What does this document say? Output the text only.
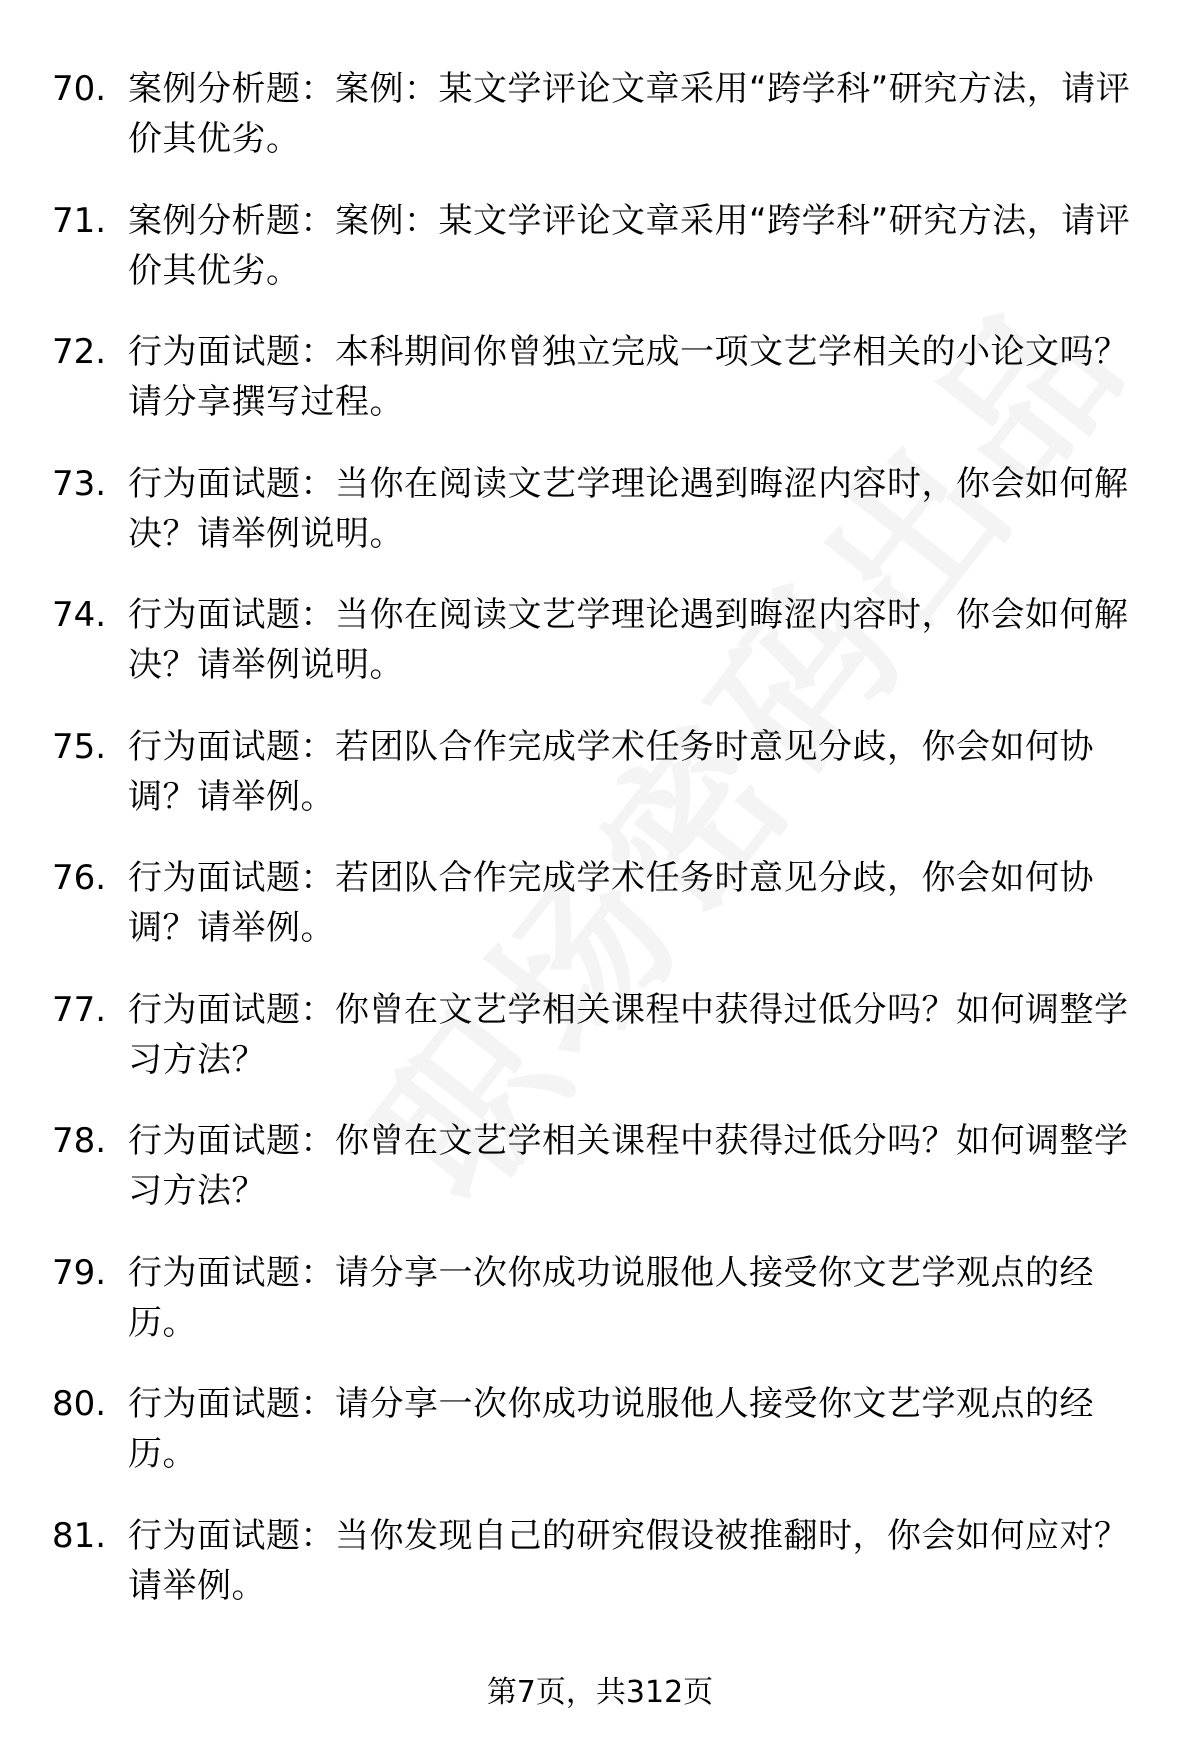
70. 案例分析题：案例：某文学评论文章采用“跨学科”研究方法，请评价其优劣。
71. 案例分析题：案例：某文学评论文章采用“跨学科”研究方法，请评价其优劣。
72. 行为面试题：本科期间你曾独立完成一项文艺学相关的小论文吗？请分享撰写过程。
73. 行为面试题：当你在阅读文艺学理论遇到晦涩内容时，你会如何解决？请举例说明。
74. 行为面试题：当你在阅读文艺学理论遇到晦涩内容时，你会如何解决？请举例说明。
75. 行为面试题：若团队合作完成学术任务时意见分歧，你会如何协调？请举例。
76. 行为面试题：若团队合作完成学术任务时意见分歧，你会如何协调？请举例。
77. 行为面试题：你曾在文艺学相关课程中获得过低分吗？如何调整学习方法？
78. 行为面试题：你曾在文艺学相关课程中获得过低分吗？如何调整学习方法？
79. 行为面试题：请分享一次你成功说服他人接受你文艺学观点的经历。
80. 行为面试题：请分享一次你成功说服他人接受你文艺学观点的经历。
81. 行为面试题：当你发现自己的研究假设被推翻时，你会如何应对？请举例。
第7页，共312页
